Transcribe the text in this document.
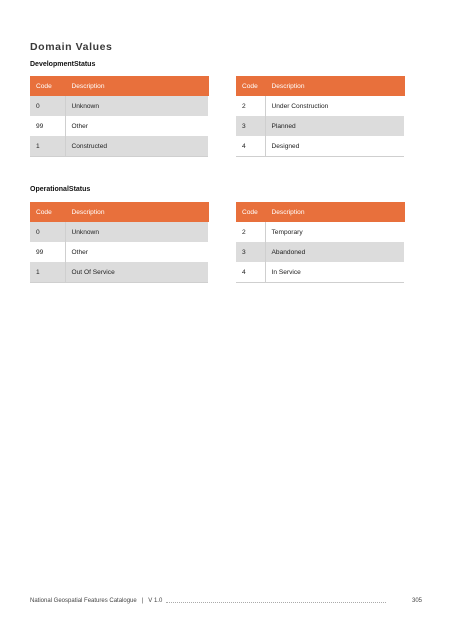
Domain Values
DevelopmentStatus
Code	Description
0	Unknown
99	Other
1	Constructed
Code	Description
2	Under Construction
3	Planned
4	Designed
OperationalStatus
Code	Description
0	Unknown
99	Other
1	Out Of Service
Code	Description
2	Temporary
3	Abandoned
4	In Service
National Geospatial Features Catalogue | V 1.0	305
